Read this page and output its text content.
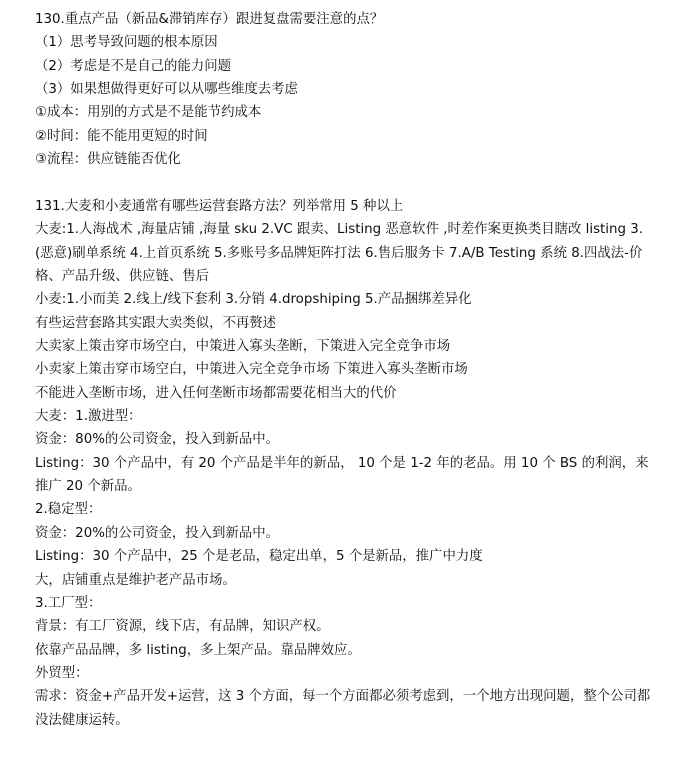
130.重点产品（新品&滞销库存）跟进复盘需要注意的点？
（1）思考导致问题的根本原因
（2）考虑是不是自己的能力问题
（3）如果想做得更好可以从哪些维度去考虑
①成本：用别的方式是不是能节约成本
②时间：能不能用更短的时间
③流程：供应链能否优化
131.大麦和小麦通常有哪些运营套路方法？列举常用 5 种以上
大麦:1.人海战术 ,海量店铺 ,海量 sku 2.VC 跟卖、Listing 恶意软件 ,时差作案更换类目瞎改 listing 3.(恶意)刷单系统 4.上首页系统 5.多账号多品牌矩阵打法 6.售后服务卡 7.A/B Testing 系统 8.四战法-价格、产品升级、供应链、售后
小麦:1.小而美 2.线上/线下套利 3.分销 4.dropshiping 5.产品捆绑差异化
有些运营套路其实跟大卖类似，不再赘述
大卖家上策击穿市场空白，中策进入寡头垄断，下策进入完全竞争市场
小卖家上策击穿市场空白，中策进入完全竞争市场 下策进入寡头垄断市场
不能进入垄断市场，进入任何垄断市场都需要花相当大的代价
大麦：1.激进型：
资金：80%的公司资金，投入到新品中。
Listing：30 个产品中，有 20 个产品是半年的新品， 10 个是 1-2 年的老品。用 10 个 BS 的利润，来推广 20 个新品。
2.稳定型：
资金：20%的公司资金，投入到新品中。
Listing：30 个产品中，25 个是老品，稳定出单，5 个是新品，推广中力度
大，店铺重点是维护老产品市场。
3.工厂型：
背景：有工厂资源，线下店，有品牌，知识产权。
依靠产品品牌，多 listing，多上架产品。靠品牌效应。
外贸型：
需求：资金+产品开发+运营，这 3 个方面，每一个方面都必须考虑到，一个地方出现问题，整个公司都没法健康运转。
